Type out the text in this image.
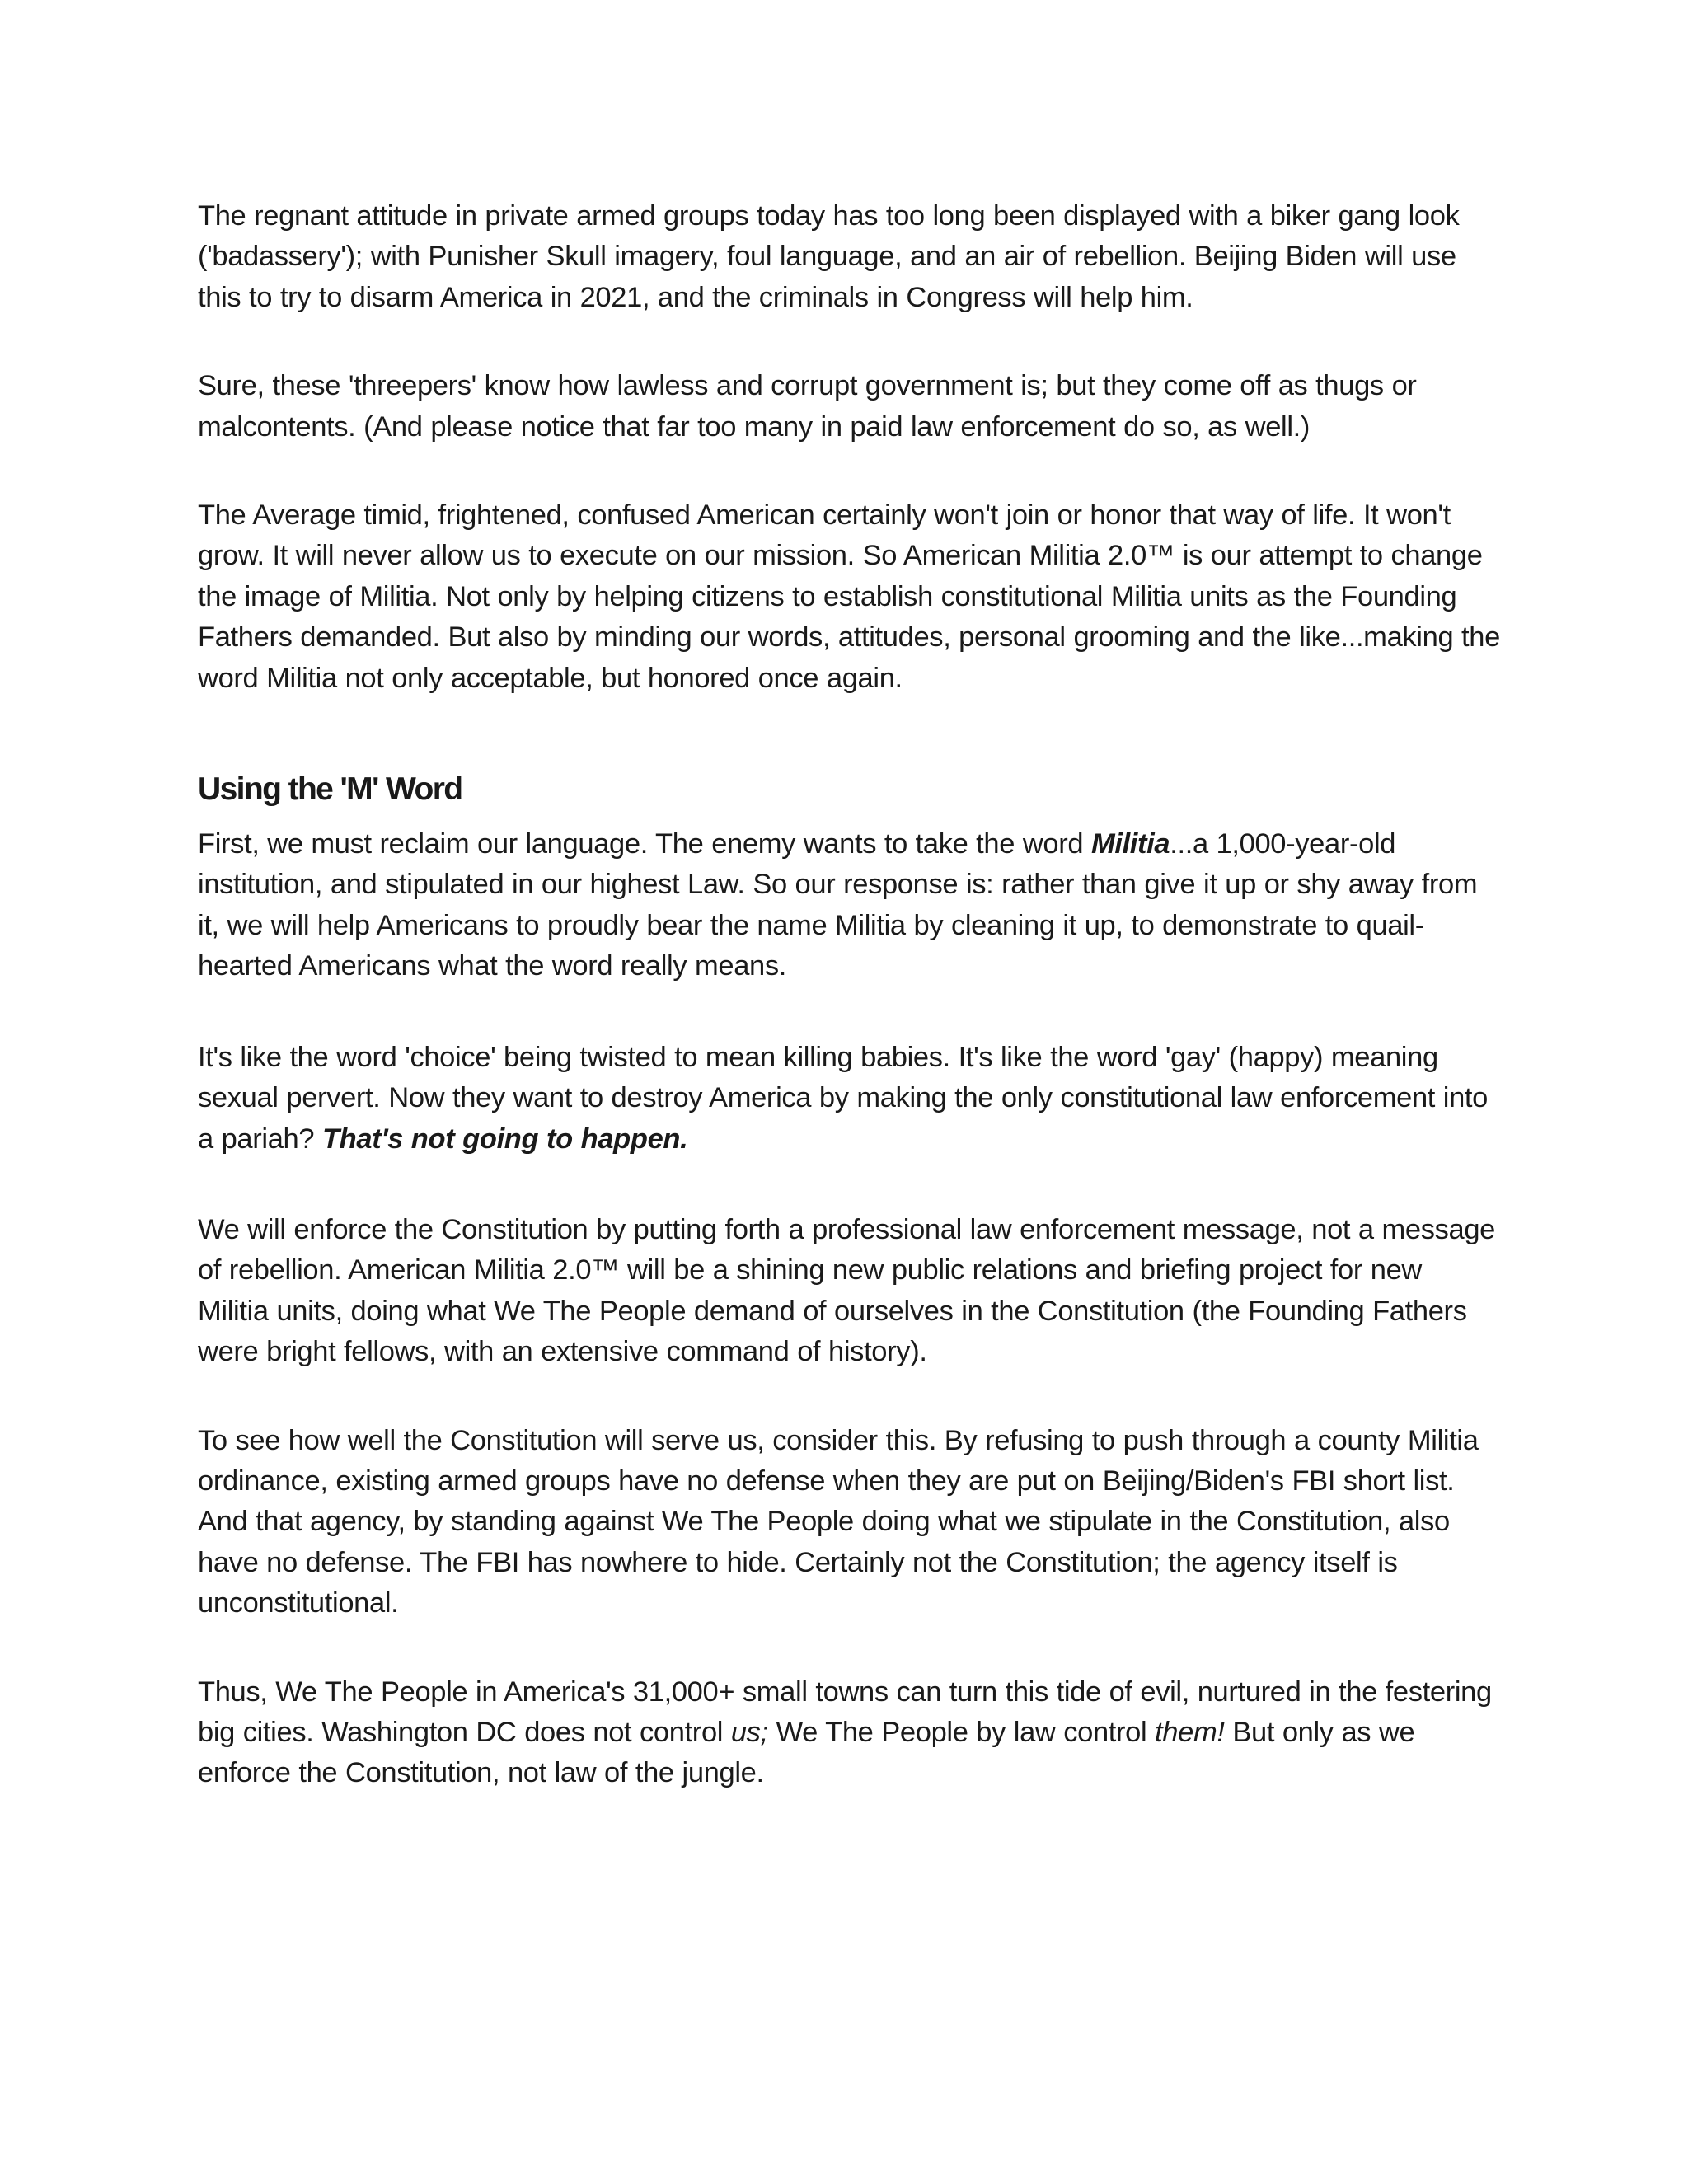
The regnant attitude in private armed groups today has too long been displayed with a biker gang look ('badassery'); with Punisher Skull imagery, foul language, and an air of rebellion. Beijing Biden will use this to try to disarm America in 2021, and the criminals in Congress will help him.

Sure, these 'threepers' know how lawless and corrupt government is; but they come off as thugs or malcontents. (And please notice that far too many in paid law enforcement do so, as well.)

The Average timid, frightened, confused American certainly won't join or honor that way of life. It won't grow. It will never allow us to execute on our mission. So American Militia 2.0™ is our attempt to change the image of Militia. Not only by helping citizens to establish constitutional Militia units as the Founding Fathers demanded. But also by minding our words, attitudes, personal grooming and the like...making the word Militia not only acceptable, but honored once again.

Using the 'M' Word

First, we must reclaim our language. The enemy wants to take the word Militia...a 1,000-year-old institution, and stipulated in our highest Law. So our response is: rather than give it up or shy away from it, we will help Americans to proudly bear the name Militia by cleaning it up, to demonstrate to quail-hearted Americans what the word really means.

It's like the word 'choice' being twisted to mean killing babies. It's like the word 'gay' (happy) meaning sexual pervert. Now they want to destroy America by making the only constitutional law enforcement into a pariah? That's not going to happen.

We will enforce the Constitution by putting forth a professional law enforcement message, not a message of rebellion. American Militia 2.0™ will be a shining new public relations and briefing project for new Militia units, doing what We The People demand of ourselves in the Constitution (the Founding Fathers were bright fellows, with an extensive command of history).

To see how well the Constitution will serve us, consider this. By refusing to push through a county Militia ordinance, existing armed groups have no defense when they are put on Beijing/Biden's FBI short list. And that agency, by standing against We The People doing what we stipulate in the Constitution, also have no defense. The FBI has nowhere to hide. Certainly not the Constitution; the agency itself is unconstitutional.

Thus, We The People in America's 31,000+ small towns can turn this tide of evil, nurtured in the festering big cities. Washington DC does not control us; We The People by law control them! But only as we enforce the Constitution, not law of the jungle.
